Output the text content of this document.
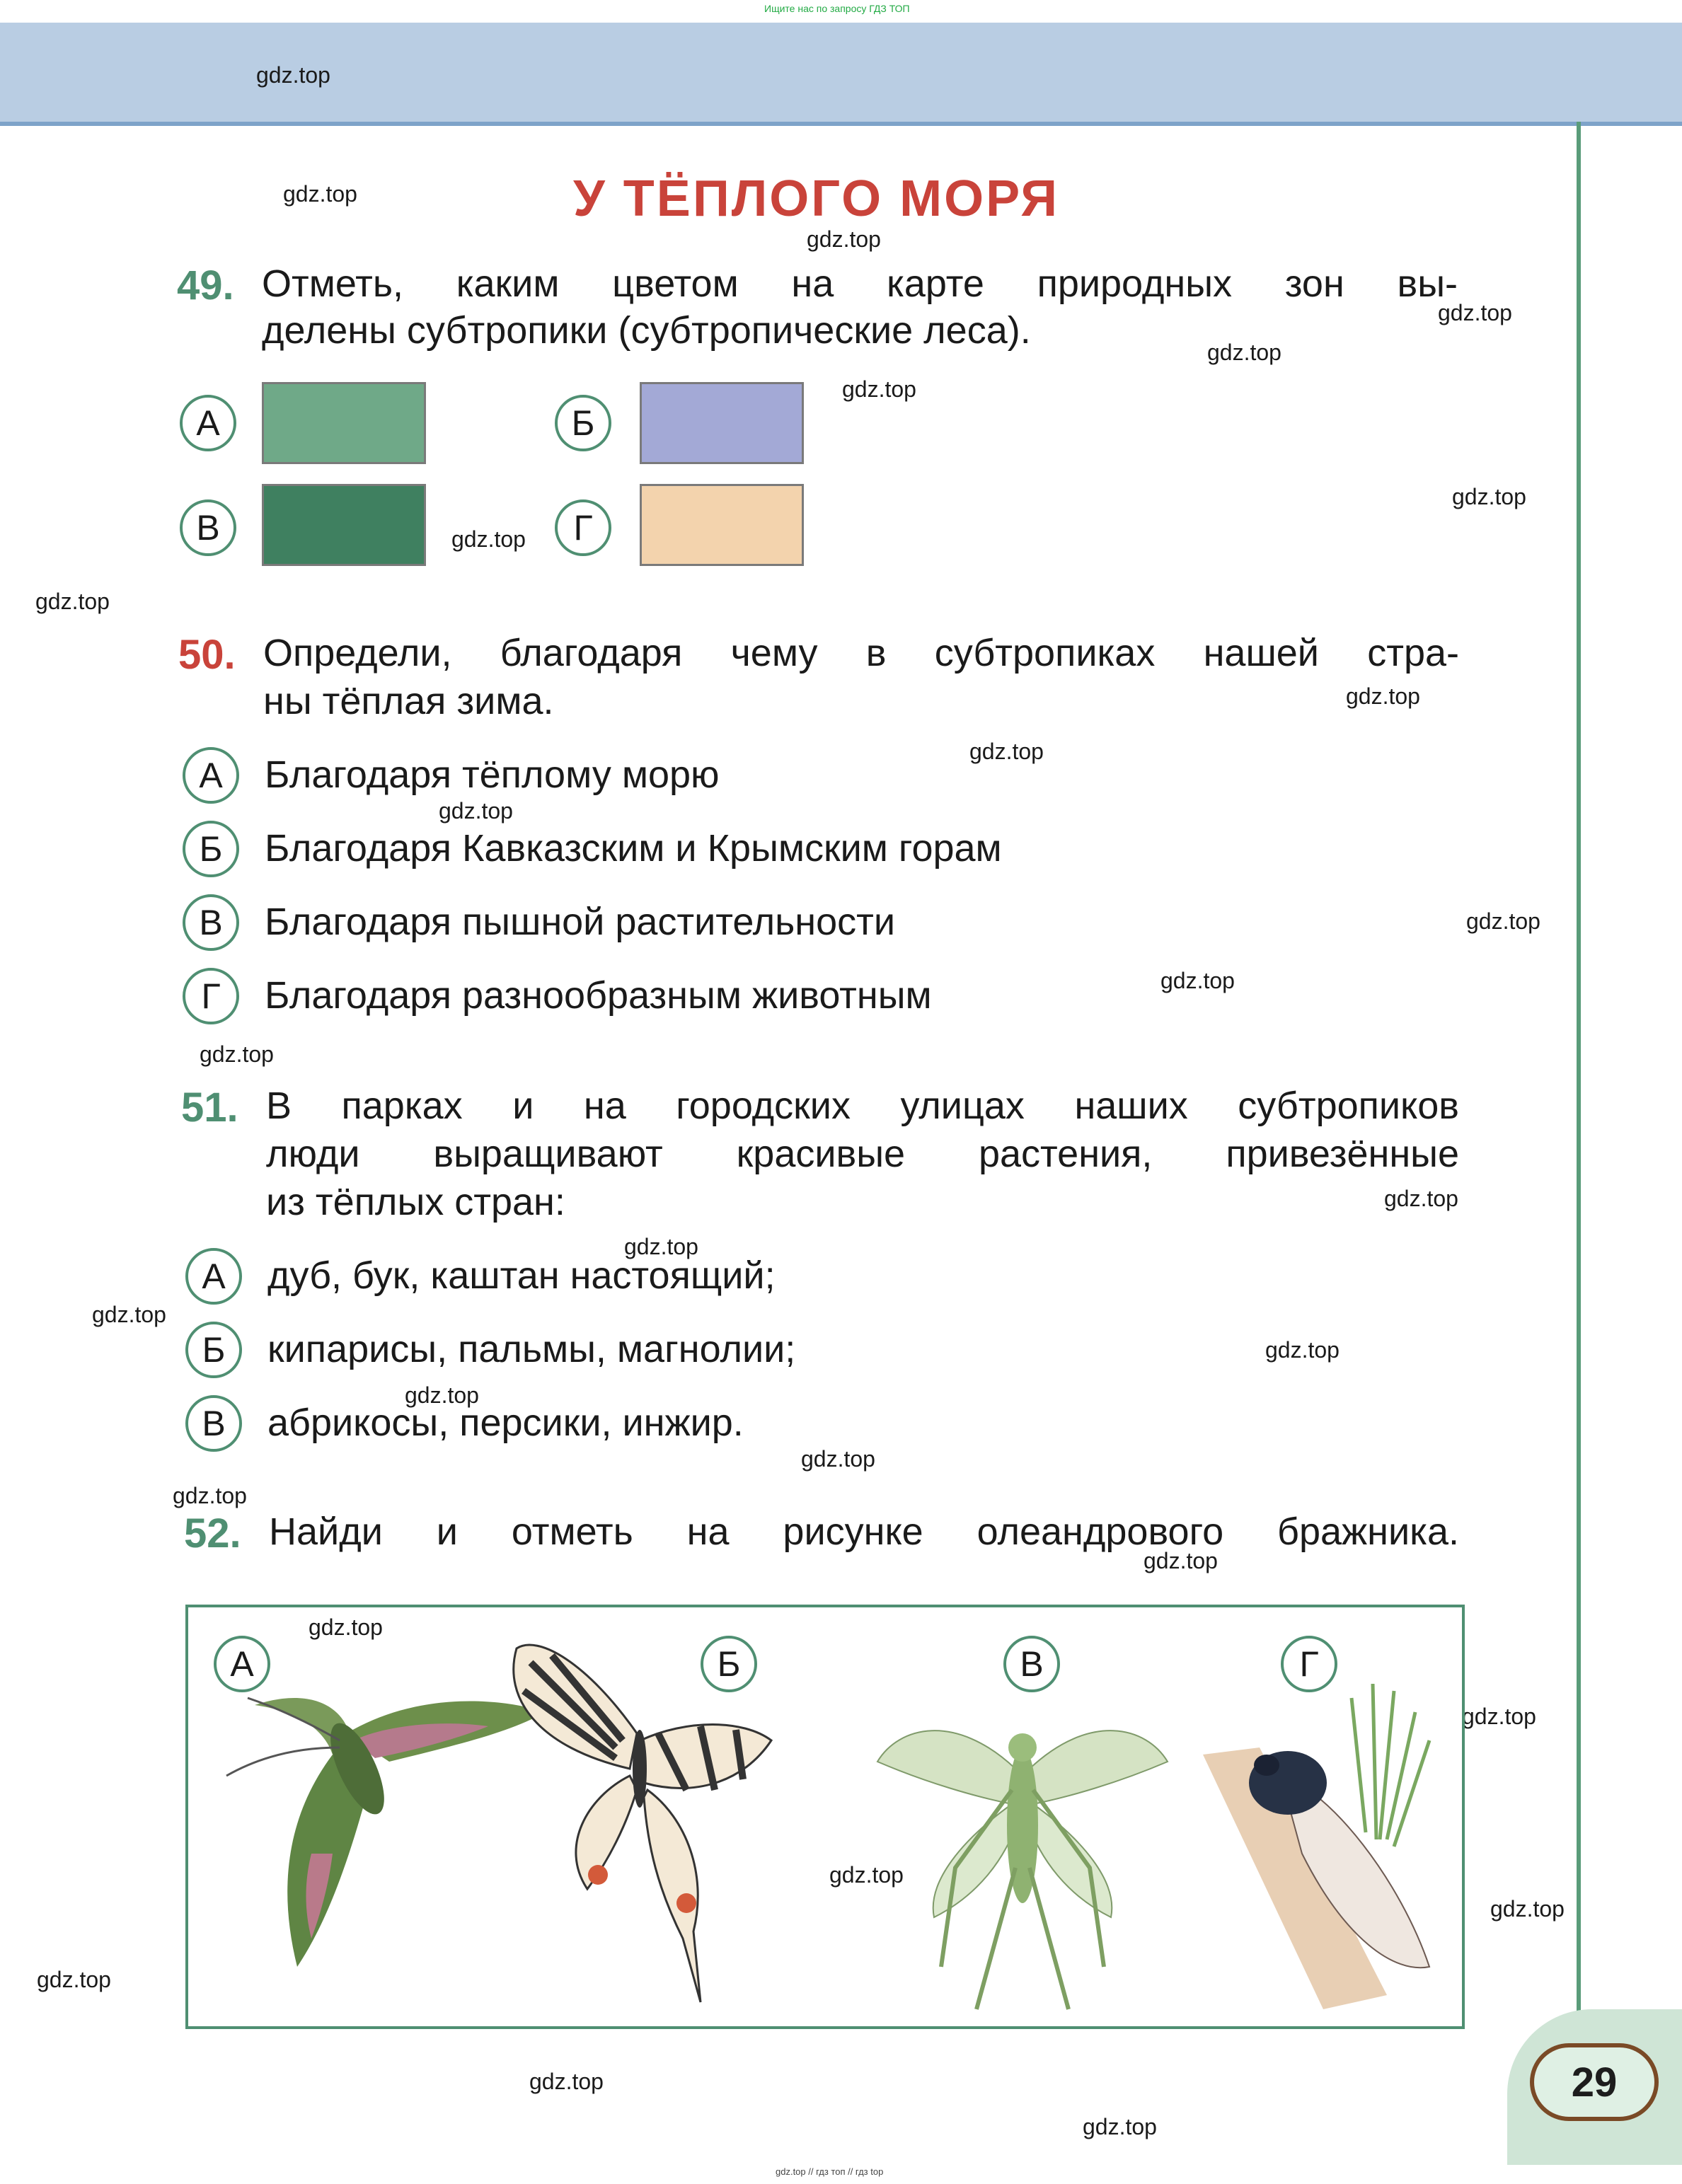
29
Ищите нас по запросу ГДЗ ТОП
gdz.top // гдз топ // гдз top
gdz.top
gdz.top
gdz.top
gdz.top
gdz.top
gdz.top
gdz.top
gdz.top
gdz.top
gdz.top
gdz.top
gdz.top
gdz.top
gdz.top
gdz.top
gdz.top
gdz.top
gdz.top
gdz.top
gdz.top
gdz.top
gdz.top
gdz.top
gdz.top
gdz.top
gdz.top
gdz.top
gdz.top
gdz.top
gdz.top
У ТЁПЛОГО МОРЯ
49. Отметь, каким цветом на карте природных зон вы-
делены субтропики (субтропические леса).
А	Б
В	Г
50. Определи, благодаря чему в субтропиках нашей стра-
ны тёплая зима.
А	Благодаря тёплому морю
Б	Благодаря Кавказским и Крымским горам
В	Благодаря пышной растительности
Г	Благодаря разнообразным животным
51. В парках и на городских улицах наших субтропиков
люди выращивают красивые растения, привезённые
из тёплых стран:
А	дуб, бук, каштан настоящий;
Б	кипарисы, пальмы, магнолии;
В	абрикосы, персики, инжир.
52. Найди и отметь на рисунке олеандрового бражника.
А	Б	В	Г
